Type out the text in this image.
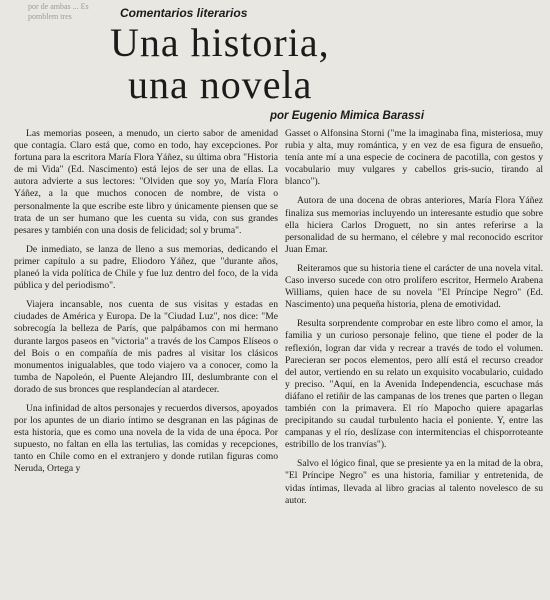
por de ambas ... Es pomblem tres	Comentarios literarios
Una historia,
una novela
por Eugenio Mimica Barassi

Las memorias poseen, a menudo, un cierto sabor de amenidad que contagia. Claro está que, como en todo, hay excepciones. Por fortuna para la escritora María Flora Yáñez, su última obra "Historia de mi Vida" (Ed. Nascimento) está lejos de ser una de ellas. La autora advierte a sus lectores: "Olviden que soy yo, María Flora Yáñez, a la que muchos conocen de nombre, de vista o personalmente la que escribe este libro y únicamente piensen que se trata de un ser humano que les cuenta su vida, con sus grandes pesares y también con una dosis de felicidad; sol y bruma".

De inmediato, se lanza de lleno a sus memorias, dedicando el primer capítulo a su padre, Eliodoro Yáñez, que "durante años, planeó la vida política de Chile y fue luz dentro del foco, de la vida pública y del periodismo".

Viajera incansable, nos cuenta de sus visitas y estadas en ciudades de América y Europa. De la "Ciudad Luz", nos dice: "Me sobrecogía la belleza de París, que palpábamos con mi hermano durante largos paseos en "victoria" a través de los Campos Elíseos o del Bois o en compañía de mis padres al visitar los clásicos monumentos inigualables, que todo viajero va a conocer, como la tumba de Napoleón, el Puente Alejandro III, deslumbrante con el dorado de sus bronces que resplandecían al atardecer.

Una infinidad de altos personajes y recuerdos diversos, apoyados por los apuntes de un diario íntimo se desgranan en las páginas de esta historia, que es como una novela de la vida de una época. Por supuesto, no faltan en ella las tertulias, las comidas y recepciones, tanto en Chile como en el extranjero y donde rutilan figuras como Neruda, Ortega y

Gasset o Alfonsina Storni ("me la imaginaba fina, misteriosa, muy rubia y alta, muy romántica, y en vez de esa figura de ensueño, tenía ante mí a una especie de cocinera de pacotilla, con gestos y vocabulario muy vulgares y cabellos gris-sucio, tirando al blanco").

Autora de una docena de obras anteriores, María Flora Yáñez finaliza sus memorias incluyendo un interesante estudio que sobre ella hiciera Carlos Droguett, no sin antes referirse a la personalidad de su hermano, el célebre y mal reconocido escritor Juan Emar.

Reiteramos que su historia tiene el carácter de una novela vital. Caso inverso sucede con otro prolífero escritor, Hermelo Arabena Williams, quien hace de su novela "El Príncipe Negro" (Ed. Nascimento) una pequeña historia, plena de emotividad.

Resulta sorprendente comprobar en este libro como el amor, la familia y un curioso personaje felino, que tiene el poder de la reflexión, logran dar vida y recrear a través de todo el volumen. Parecieran ser pocos elementos, pero allí está el recurso creador del autor, vertiendo en su relato un exquisito vocabulario, cuidado y preciso. "Aquí, en la Avenida Independencia, escuchase más diáfano el retiñir de las campanas de los trenes que parten o llegan también con la primavera. El río Mapocho quiere apagarlas precipitando su caudal turbulento hacia el poniente. Y, entre las campanas y el río, deslízase con intermitencias el chisporroteante estribillo de los tranvías").

Salvo el lógico final, que se presiente ya en la mitad de la obra, "El Príncipe Negro" es una historia, familiar y entretenida, de vidas íntimas, llevada al libro gracias al talento novelesco de su autor.
